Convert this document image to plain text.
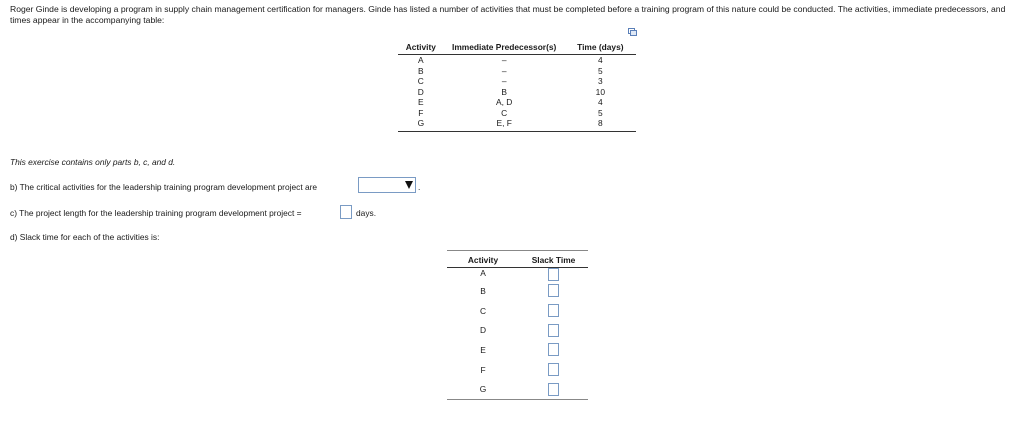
Roger Ginde is developing a program in supply chain management certification for managers. Ginde has listed a number of activities that must be completed before a training program of this nature could be conducted. The activities, immediate predecessors, and times appear in the accompanying table:
Activity	Immediate Predecessor(s)	Time (days)
A	–	4
B	–	5
C	–	3
D	B	10
E	A, D	4
F	C	5
G	E, F	8
This exercise contains only parts b, c, and d.
b) The critical activities for the leadership training program development project are	.
c) The project length for the leadership training program development project =	days.
d) Slack time for each of the activities is:
Activity	Slack Time
A	
B	
C	
D	
E	
F	
G	
